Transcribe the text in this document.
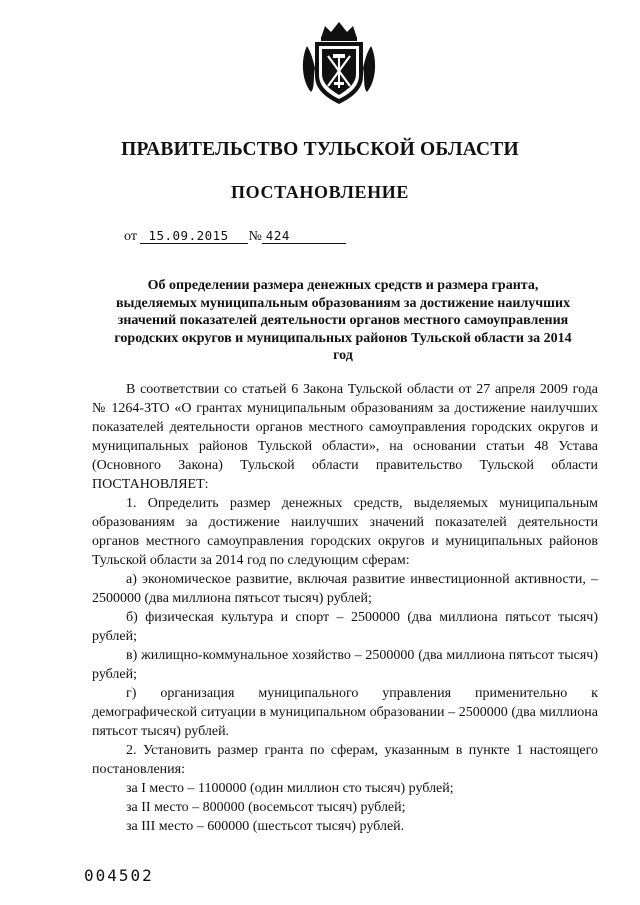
ПРАВИТЕЛЬСТВО ТУЛЬСКОЙ ОБЛАСТИ
ПОСТАНОВЛЕНИЕ
от 15.09.2015 № 424
Об определении размера денежных средств и размера гранта, выделяемых муниципальным образованиям за достижение наилучших значений показателей деятельности органов местного самоуправления городских округов и муниципальных районов Тульской области за 2014 год

В соответствии со статьей 6 Закона Тульской области от 27 апреля 2009 года № 1264-ЗТО «О грантах муниципальным образованиям за достижение наилучших показателей деятельности органов местного самоуправления городских округов и муниципальных районов Тульской области», на основании статьи 48 Устава (Основного Закона) Тульской области правительство Тульской области ПОСТАНОВЛЯЕТ:

1. Определить размер денежных средств, выделяемых муниципальным образованиям за достижение наилучших значений показателей деятельности органов местного самоуправления городских округов и муниципальных районов Тульской области за 2014 год по следующим сферам:

а) экономическое развитие, включая развитие инвестиционной активности, – 2500000 (два миллиона пятьсот тысяч) рублей;

б) физическая культура и спорт – 2500000 (два миллиона пятьсот тысяч) рублей;

в) жилищно-коммунальное хозяйство – 2500000 (два миллиона пятьсот тысяч) рублей;

г) организация муниципального управления применительно к демографической ситуации в муниципальном образовании – 2500000 (два миллиона пятьсот тысяч) рублей.

2. Установить размер гранта по сферам, указанным в пункте 1 настоящего постановления:

за I место – 1100000 (один миллион сто тысяч) рублей;

за II место – 800000 (восемьсот тысяч) рублей;

за III место – 600000 (шестьсот тысяч) рублей.

004502
